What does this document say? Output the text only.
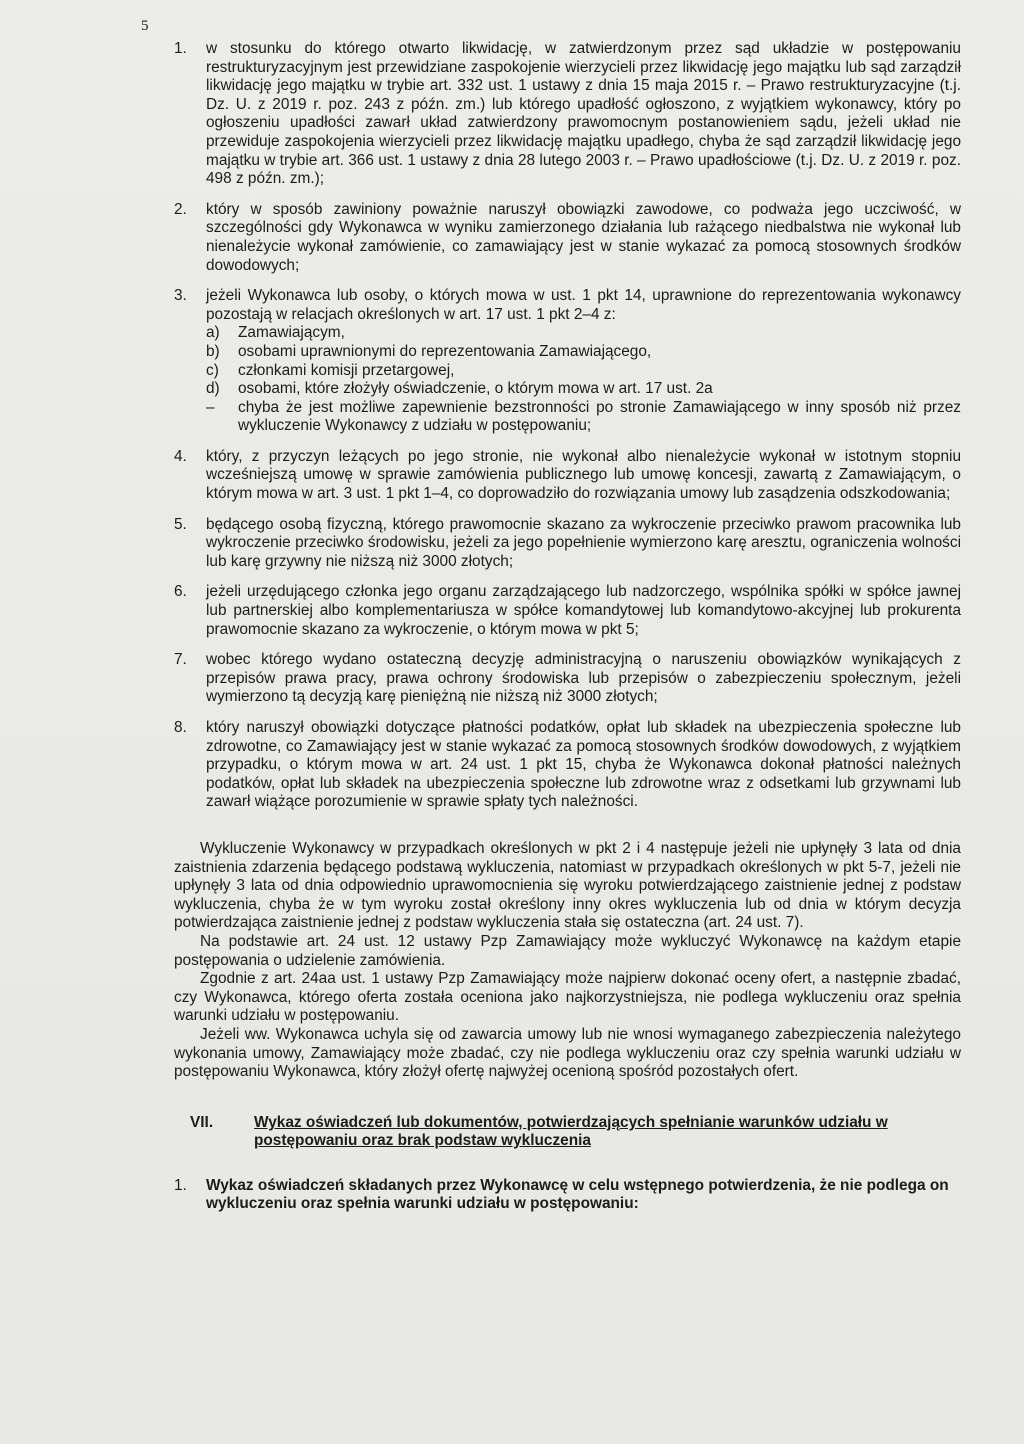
5
1. w stosunku do którego otwarto likwidację, w zatwierdzonym przez sąd układzie w postępowaniu restrukturyzacyjnym jest przewidziane zaspokojenie wierzycieli przez likwidację jego majątku lub sąd zarządził likwidację jego majątku w trybie art. 332 ust. 1 ustawy z dnia 15 maja 2015 r. – Prawo restrukturyzacyjne (t.j. Dz. U. z 2019 r. poz. 243 z późn. zm.) lub którego upadłość ogłoszono, z wyjątkiem wykonawcy, który po ogłoszeniu upadłości zawarł układ zatwierdzony prawomocnym postanowieniem sądu, jeżeli układ nie przewiduje zaspokojenia wierzycieli przez likwidację majątku upadłego, chyba że sąd zarządził likwidację jego majątku w trybie art. 366 ust. 1 ustawy z dnia 28 lutego 2003 r. – Prawo upadłościowe (t.j. Dz. U. z 2019 r. poz. 498 z późn. zm.);
2. który w sposób zawiniony poważnie naruszył obowiązki zawodowe, co podważa jego uczciwość, w szczególności gdy Wykonawca w wyniku zamierzonego działania lub rażącego niedbalstwa nie wykonał lub nienależycie wykonał zamówienie, co zamawiający jest w stanie wykazać za pomocą stosownych środków dowodowych;
3. jeżeli Wykonawca lub osoby, o których mowa w ust. 1 pkt 14, uprawnione do reprezentowania wykonawcy pozostają w relacjach określonych w art. 17 ust. 1 pkt 2–4 z:
a) Zamawiającym,
b) osobami uprawnionymi do reprezentowania Zamawiającego,
c) członkami komisji przetargowej,
d) osobami, które złożyły oświadczenie, o którym mowa w art. 17 ust. 2a
– chyba że jest możliwe zapewnienie bezstronności po stronie Zamawiającego w inny sposób niż przez wykluczenie Wykonawcy z udziału w postępowaniu;
4. który, z przyczyn leżących po jego stronie, nie wykonał albo nienależycie wykonał w istotnym stopniu wcześniejszą umowę w sprawie zamówienia publicznego lub umowę koncesji, zawartą z Zamawiającym, o którym mowa w art. 3 ust. 1 pkt 1–4, co doprowadziło do rozwiązania umowy lub zasądzenia odszkodowania;
5. będącego osobą fizyczną, którego prawomocnie skazano za wykroczenie przeciwko prawom pracownika lub wykroczenie przeciwko środowisku, jeżeli za jego popełnienie wymierzono karę aresztu, ograniczenia wolności lub karę grzywny nie niższą niż 3000 złotych;
6. jeżeli urzędującego członka jego organu zarządzającego lub nadzorczego, wspólnika spółki w spółce jawnej lub partnerskiej albo komplementariusza w spółce komandytowej lub komandytowo-akcyjnej lub prokurenta prawomocnie skazano za wykroczenie, o którym mowa w pkt 5;
7. wobec którego wydano ostateczną decyzję administracyjną o naruszeniu obowiązków wynikających z przepisów prawa pracy, prawa ochrony środowiska lub przepisów o zabezpieczeniu społecznym, jeżeli wymierzono tą decyzją karę pieniężną nie niższą niż 3000 złotych;
8. który naruszył obowiązki dotyczące płatności podatków, opłat lub składek na ubezpieczenia społeczne lub zdrowotne, co Zamawiający jest w stanie wykazać za pomocą stosownych środków dowodowych, z wyjątkiem przypadku, o którym mowa w art. 24 ust. 1 pkt 15, chyba że Wykonawca dokonał płatności należnych podatków, opłat lub składek na ubezpieczenia społeczne lub zdrowotne wraz z odsetkami lub grzywnami lub zawarł wiążące porozumienie w sprawie spłaty tych należności.

Wykluczenie Wykonawcy w przypadkach określonych w pkt 2 i 4 następuje jeżeli nie upłynęły 3 lata od dnia zaistnienia zdarzenia będącego podstawą wykluczenia, natomiast w przypadkach określonych w pkt 5-7, jeżeli nie upłynęły 3 lata od dnia odpowiednio uprawomocnienia się wyroku potwierdzającego zaistnienie jednej z podstaw wykluczenia, chyba że w tym wyroku został określony inny okres wykluczenia lub od dnia w którym decyzja potwierdzająca zaistnienie jednej z podstaw wykluczenia stała się ostateczna (art. 24 ust. 7).

Na podstawie art. 24 ust. 12 ustawy Pzp Zamawiający może wykluczyć Wykonawcę na każdym etapie postępowania o udzielenie zamówienia.

Zgodnie z art. 24aa ust. 1 ustawy Pzp Zamawiający może najpierw dokonać oceny ofert, a następnie zbadać, czy Wykonawca, którego oferta została oceniona jako najkorzystniejsza, nie podlega wykluczeniu oraz spełnia warunki udziału w postępowaniu.

Jeżeli ww. Wykonawca uchyla się od zawarcia umowy lub nie wnosi wymaganego zabezpieczenia należytego wykonania umowy, Zamawiający może zbadać, czy nie podlega wykluczeniu oraz czy spełnia warunki udziału w postępowaniu Wykonawca, który złożył ofertę najwyżej ocenioną spośród pozostałych ofert.

VII.	Wykaz oświadczeń lub dokumentów, potwierdzających spełnianie warunków udziału w postępowaniu oraz brak podstaw wykluczenia
1. Wykaz oświadczeń składanych przez Wykonawcę w celu wstępnego potwierdzenia, że nie podlega on wykluczeniu oraz spełnia warunki udziału w postępowaniu:
